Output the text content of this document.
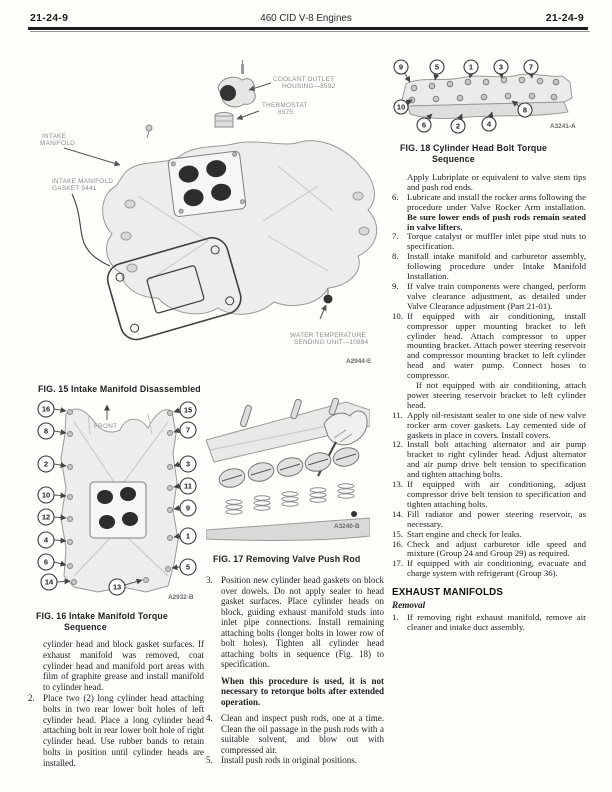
21-24-9	460 CID V-8 Engines	21-24-9
COOLANT OUTLET
HOUSING—8592
THERMOSTAT
8575
INTAKE
MANIFOLD
INTAKE MANIFOLD
GASKET 9441
WATER TEMPERATURE
SENDING UNIT—10884
A2944-E
FIG. 15 Intake Manifold Disassembled
FRONT
16
8
2
10
12
4
6
14
15
7
3
11
9
1
5
13
A2932-B
FIG. 16 Intake Manifold Torque
Sequence

cylinder head and block gasket surfaces. If exhaust manifold was removed, coat cylinder head and manifold port areas with film of graphite grease and install manifold to cylinder head.

2. Place two (2) long cylinder head attaching bolts in two rear lower bolt holes of left cylinder head. Place a long cylinder head attaching bolt in rear lower bolt hole of right cylinder head. Use rubber bands to retain bolts in position until cylinder heads are installed.

A3240-B
FIG. 17 Removing Valve Push Rod

3. Position new cylinder head gaskets on block over dowels. Do not apply sealer to head gasket surfaces. Place cylinder heads on block, guiding exhaust manifold studs into inlet pipe connections. Install remaining attaching bolts (longer bolts in lower row of bolt holes). Tighten all cylinder head attaching bolts in sequence (Fig. 18) to specification.

When this procedure is used, it is not necessary to retorque bolts after extended operation.

4. Clean and inspect push rods, one at a time. Clean the oil passage in the push rods with a suitable solvent, and blow out with compressed air.

5. Install push rods in original positions.

9	5	1	3	7
10	8
6	2	4	A3241-A
FIG. 18 Cylinder Head Bolt Torque
Sequence

Apply Lubriplate or equivalent to valve stem tips and push rod ends.

6. Lubricate and install the rocker arms following the procedure under Valve Rocker Arm installation. Be sure lower ends of push rods remain seated in valve lifters.

7. Torque catalyst or muffler inlet pipe stud nuts to specification.

8. Install intake manifold and carburetor assembly, following procedure under Intake Manifold Installation.

9. If valve train components were changed, perform valve clearance adjustment, as detailed under Valve Clearance adjustment (Part 21-01).

10. If equipped with air conditioning, install compressor upper mounting bracket to left cylinder head. Attach compressor to upper mounting bracket. Attach power steering reservoir and compressor mounting bracket to left cylinder head and water pump. Connect hoses to compressor.

If not equipped with air conditioning, attach power steering reservoir bracket to left cylinder head.

11. Apply oil-resistant sealer to one side of new valve rocker arm cover gaskets. Lay cemented side of gaskets in place in covers. Install covers.

12. Install bolt attaching alternator and air pump bracket to right cylinder head. Adjust alternator and air pump drive belt tension to specification and tighten attaching bolts.

13. If equipped with air conditioning, adjust compressor drive belt tension to specification and tighten attaching bolts.

14. Fill radiator and power steering reservoir, as necessary.

15. Start engine and check for leaks.

16. Check and adjust carburetor idle speed and mixture (Group 24 and Group 29) as required.

17. If equipped with air conditioning, evacuate and charge system with refrigerant (Group 36).

EXHAUST MANIFOLDS
Removal

1. If removing right exhaust manifold, remove air cleaner and intake duct assembly.
